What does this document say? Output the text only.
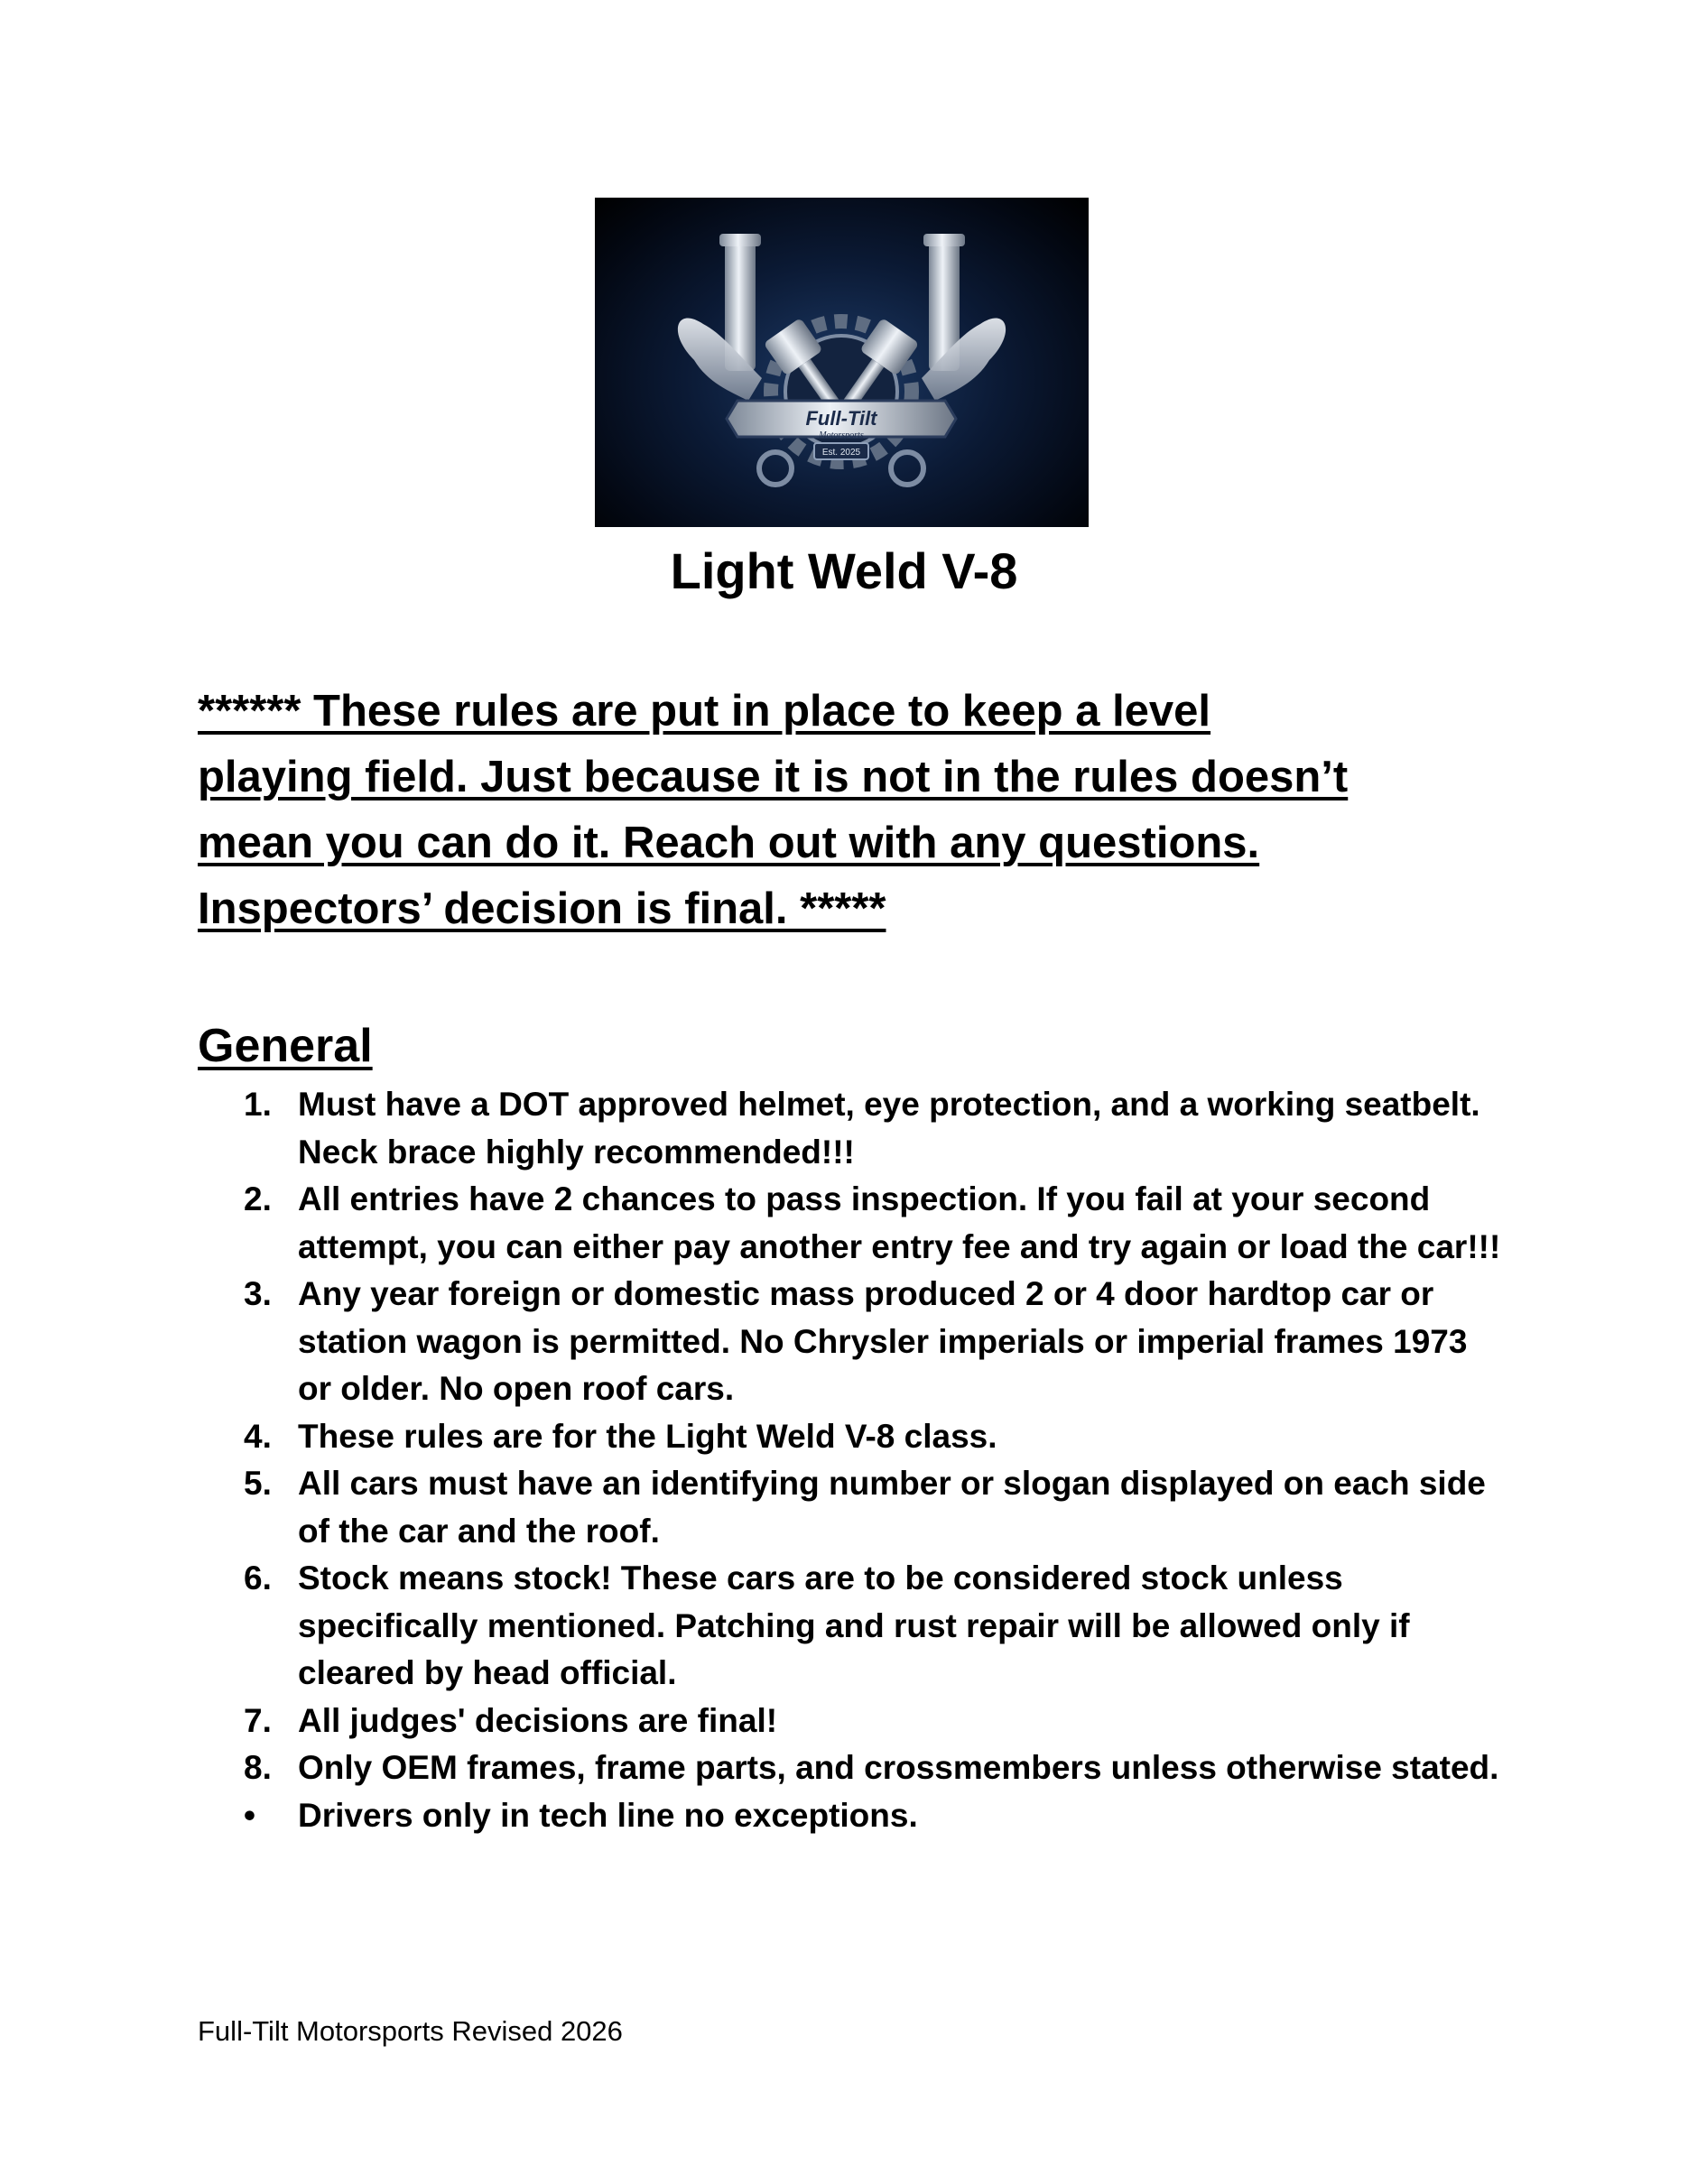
Full-Tilt
Motorsports
Est. 2025
Light Weld V-8
****** These rules are put in place to keep a level playing field. Just because it is not in the rules doesn’t mean you can do it. Reach out with any questions. Inspectors’ decision is final. *****
General
1. Must have a DOT approved helmet, eye protection, and a working seatbelt. Neck brace highly recommended!!!
2. All entries have 2 chances to pass inspection. If you fail at your second attempt, you can either pay another entry fee and try again or load the car!!!
3. Any year foreign or domestic mass produced 2 or 4 door hardtop car or station wagon is permitted. No Chrysler imperials or imperial frames 1973 or older. No open roof cars.
4. These rules are for the Light Weld V-8 class.
5. All cars must have an identifying number or slogan displayed on each side of the car and the roof.
6. Stock means stock! These cars are to be considered stock unless specifically mentioned. Patching and rust repair will be allowed only if cleared by head official.
7. All judges' decisions are final!
8. Only OEM frames, frame parts, and crossmembers unless otherwise stated.
•	Drivers only in tech line no exceptions.
Full-Tilt Motorsports Revised 2026
